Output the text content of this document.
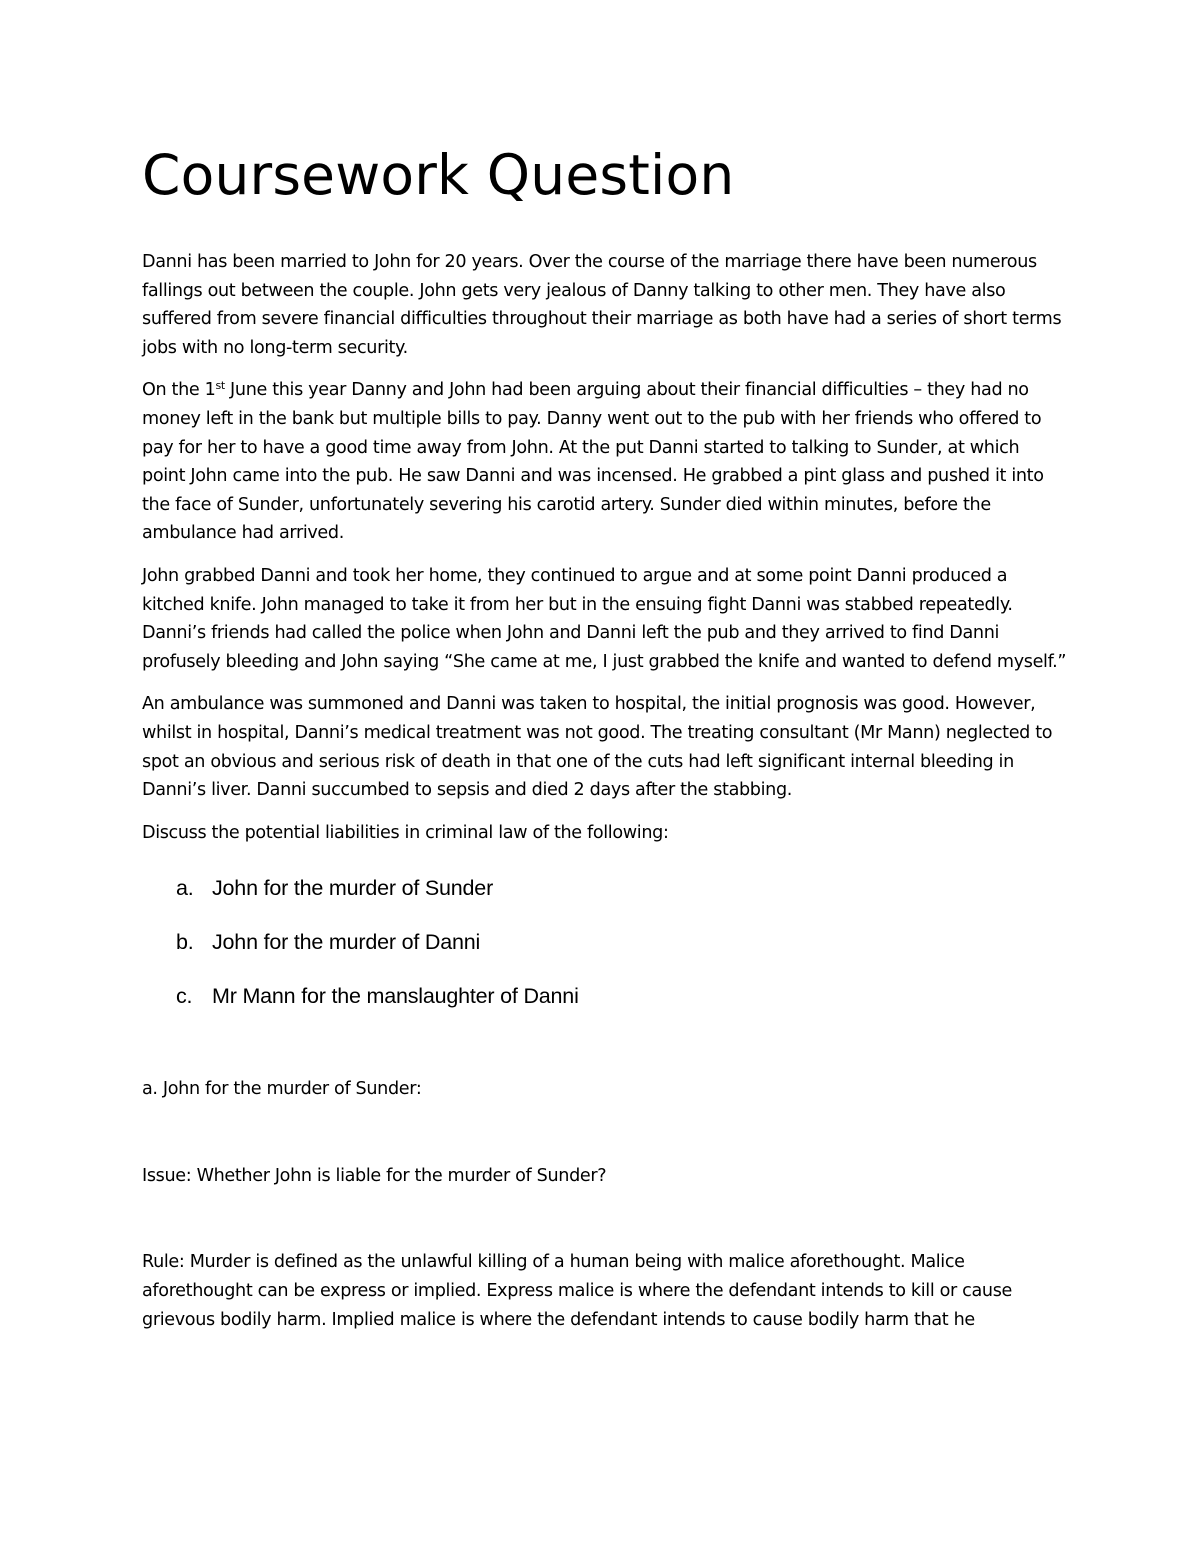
Coursework Question

Danni has been married to John for 20 years. Over the course of the marriage there have been numerous fallings out between the couple. John gets very jealous of Danny talking to other men. They have also suffered from severe financial difficulties throughout their marriage as both have had a series of short terms jobs with no long-term security.

On the 1st June this year Danny and John had been arguing about their financial difficulties – they had no money left in the bank but multiple bills to pay. Danny went out to the pub with her friends who offered to pay for her to have a good time away from John. At the put Danni started to talking to Sunder, at which point John came into the pub. He saw Danni and was incensed. He grabbed a pint glass and pushed it into the face of Sunder, unfortunately severing his carotid artery. Sunder died within minutes, before the ambulance had arrived.

John grabbed Danni and took her home, they continued to argue and at some point Danni produced a kitched knife. John managed to take it from her but in the ensuing fight Danni was stabbed repeatedly. Danni’s friends had called the police when John and Danni left the pub and they arrived to find Danni profusely bleeding and John saying “She came at me, I just grabbed the knife and wanted to defend myself.”

An ambulance was summoned and Danni was taken to hospital, the initial prognosis was good. However, whilst in hospital, Danni’s medical treatment was not good. The treating consultant (Mr Mann) neglected to spot an obvious and serious risk of death in that one of the cuts had left significant internal bleeding in Danni’s liver. Danni succumbed to sepsis and died 2 days after the stabbing.

Discuss the potential liabilities in criminal law of the following:

a. John for the murder of Sunder
b. John for the murder of Danni
c. Mr Mann for the manslaughter of Danni

a. John for the murder of Sunder:

Issue: Whether John is liable for the murder of Sunder?

Rule: Murder is defined as the unlawful killing of a human being with malice aforethought. Malice aforethought can be express or implied. Express malice is where the defendant intends to kill or cause grievous bodily harm. Implied malice is where the defendant intends to cause bodily harm that he
